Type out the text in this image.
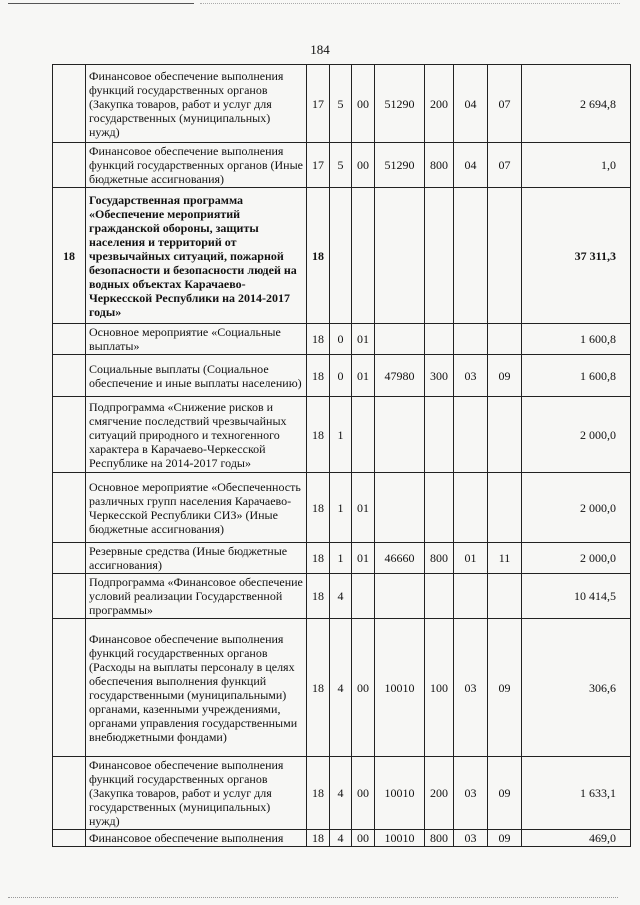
184
	Финансовое обеспечение выполнения функций государственных органов (Закупка товаров, работ и услуг для государственных (муниципальных) нужд)	17	5	00	51290	200	04	07	2 694,8
	Финансовое обеспечение выполнения функций государственных органов (Иные бюджетные ассигнования)	17	5	00	51290	800	04	07	1,0
18	Государственная программа «Обеспечение мероприятий гражданской обороны, защиты населения и территорий от чрезвычайных ситуаций, пожарной безопасности и безопасности людей на водных объектах Карачаево-Черкесской Республики на 2014-2017 годы»	18							37 311,3
	Основное мероприятие «Социальные выплаты»	18	0	01					1 600,8
	Социальные выплаты (Социальное обеспечение и иные выплаты населению)	18	0	01	47980	300	03	09	1 600,8
	Подпрограмма «Снижение рисков и смягчение последствий чрезвычайных ситуаций природного и техногенного характера в Карачаево-Черкесской Республике на 2014-2017 годы»	18	1						2 000,0
	Основное мероприятие «Обеспеченность различных групп населения Карачаево-Черкесской Республики СИЗ» (Иные бюджетные ассигнования)	18	1	01					2 000,0
	Резервные средства (Иные бюджетные ассигнования)	18	1	01	46660	800	01	11	2 000,0
	Подпрограмма «Финансовое обеспечение условий реализации Государственной программы»	18	4						10 414,5
	Финансовое обеспечение выполнения функций государственных органов (Расходы на выплаты персоналу в целях обеспечения выполнения функций государственными (муниципальными) органами, казенными учреждениями, органами управления государственными внебюджетными фондами)	18	4	00	10010	100	03	09	306,6
	Финансовое обеспечение выполнения функций государственных органов (Закупка товаров, работ и услуг для государственных (муниципальных) нужд)	18	4	00	10010	200	03	09	1 633,1
	Финансовое обеспечение выполнения	18	4	00	10010	800	03	09	469,0
